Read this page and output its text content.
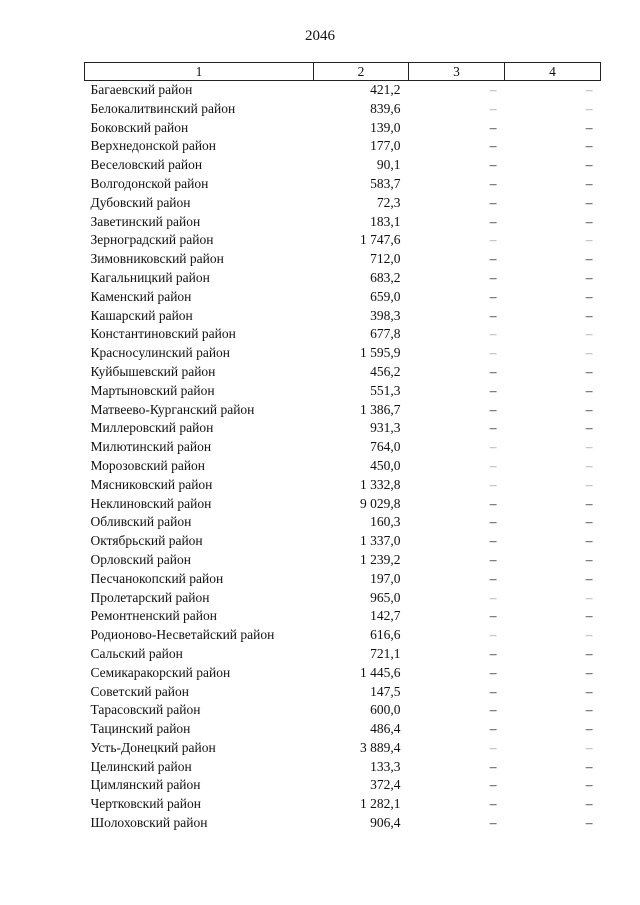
2046
1	2	3	4
Багаевский район	421,2	–	–
Белокалитвинский район	839,6	–	–
Боковский район	139,0	–	–
Верхнедонской район	177,0	–	–
Веселовский район	90,1	–	–
Волгодонской район	583,7	–	–
Дубовский район	72,3	–	–
Заветинский район	183,1	–	–
Зерноградский район	1 747,6	–	–
Зимовниковский район	712,0	–	–
Кагальницкий район	683,2	–	–
Каменский район	659,0	–	–
Кашарский район	398,3	–	–
Константиновский район	677,8	–	–
Красносулинский район	1 595,9	–	–
Куйбышевский район	456,2	–	–
Мартыновский район	551,3	–	–
Матвеево-Курганский район	1 386,7	–	–
Миллеровский район	931,3	–	–
Милютинский район	764,0	–	–
Морозовский район	450,0	–	–
Мясниковский район	1 332,8	–	–
Неклиновский район	9 029,8	–	–
Обливский район	160,3	–	–
Октябрьский район	1 337,0	–	–
Орловский район	1 239,2	–	–
Песчанокопский район	197,0	–	–
Пролетарский район	965,0	–	–
Ремонтненский район	142,7	–	–
Родионово-Несветайский район	616,6	–	–
Сальский район	721,1	–	–
Семикаракорский район	1 445,6	–	–
Советский район	147,5	–	–
Тарасовский район	600,0	–	–
Тацинский район	486,4	–	–
Усть-Донецкий район	3 889,4	–	–
Целинский район	133,3	–	–
Цимлянский район	372,4	–	–
Чертковский район	1 282,1	–	–
Шолоховский район	906,4	–	–
